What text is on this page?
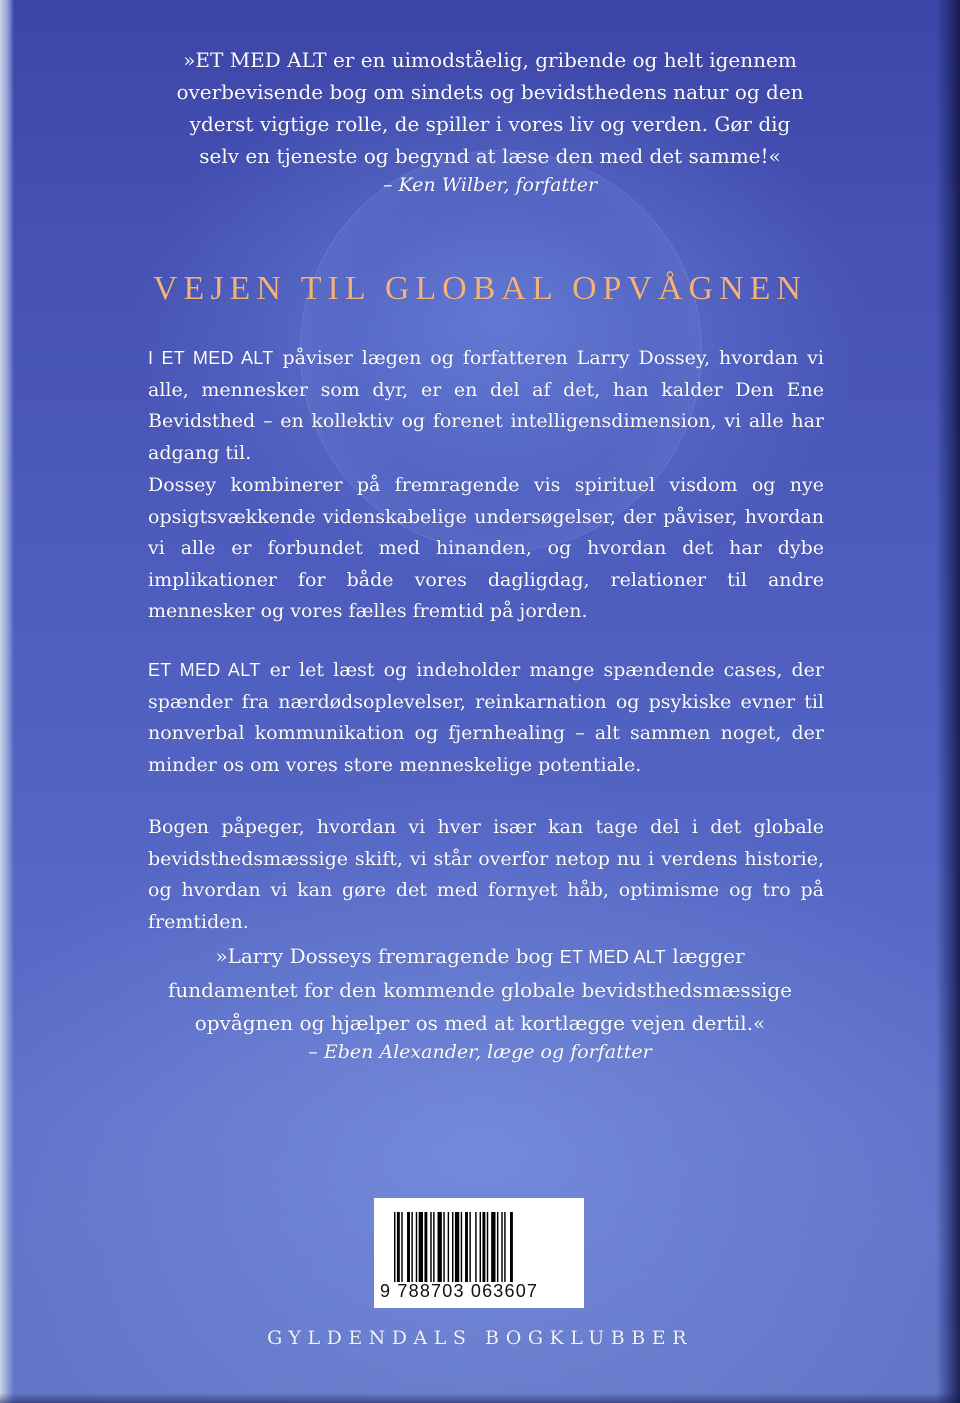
»ET MED ALT er en uimodståelig, gribende og helt igennem overbevisende bog om sindets og bevidsthedens natur og den yderst vigtige rolle, de spiller i vores liv og verden. Gør dig selv en tjeneste og begynd at læse den med det samme!«
– Ken Wilber, forfatter
VEJEN TIL GLOBAL OPVÅGNEN
I ET MED ALT påviser lægen og forfatteren Larry Dossey, hvordan vi alle, mennesker som dyr, er en del af det, han kalder Den Ene Bevidsthed – en kollektiv og forenet intelligensdimension, vi alle har adgang til.
Dossey kombinerer på fremragende vis spirituel visdom og nye opsigtsvækkende videnskabelige undersøgelser, der påviser, hvordan vi alle er forbundet med hinanden, og hvordan det har dybe implikationer for både vores dagligdag, relationer til andre mennesker og vores fælles fremtid på jorden.
ET MED ALT er let læst og indeholder mange spændende cases, der spænder fra nærdødsoplevelser, reinkarnation og psykiske evner til nonverbal kommunikation og fjernhealing – alt sammen noget, der minder os om vores store menneskelige potentiale.
Bogen påpeger, hvordan vi hver især kan tage del i det globale bevidsthedsmæssige skift, vi står overfor netop nu i verdens historie, og hvordan vi kan gøre det med fornyet håb, optimisme og tro på fremtiden.
»Larry Dosseys fremragende bog ET MED ALT lægger fundamentet for den kommende globale bevidsthedsmæssige opvågnen og hjælper os med at kortlægge vejen dertil.«
– Eben Alexander, læge og forfatter
9 788703 063607
GYLDENDALS BOGKLUBBER
